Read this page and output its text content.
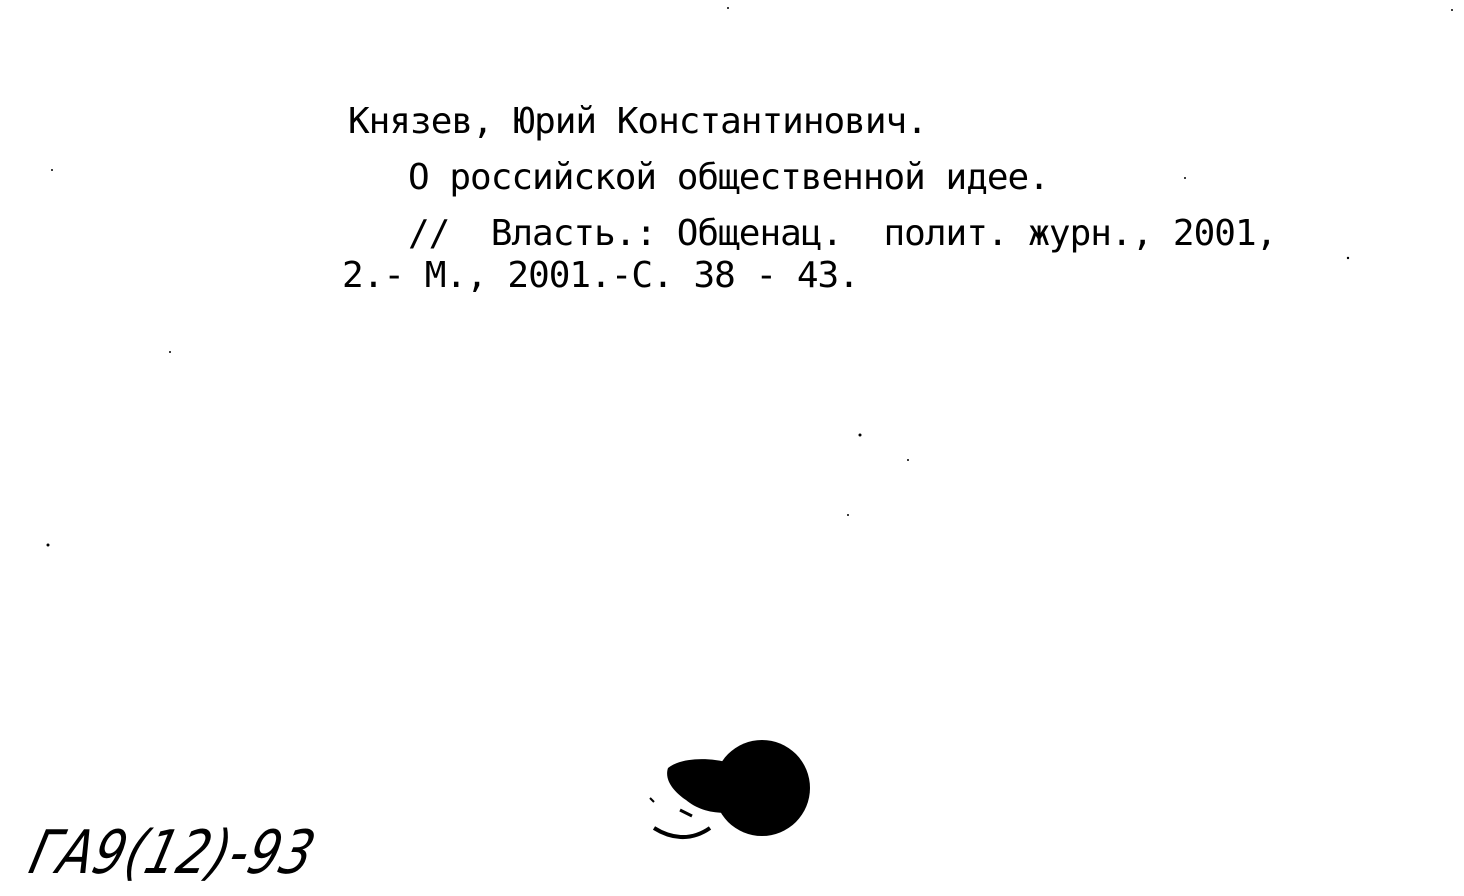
Князев, Юрий Константинович.
О российской общественной идее.
//  Власть.: Общенац.  полит. журн., 2001,
2.- М., 2001.-С. 38 - 43.
ГА9(12)-93
